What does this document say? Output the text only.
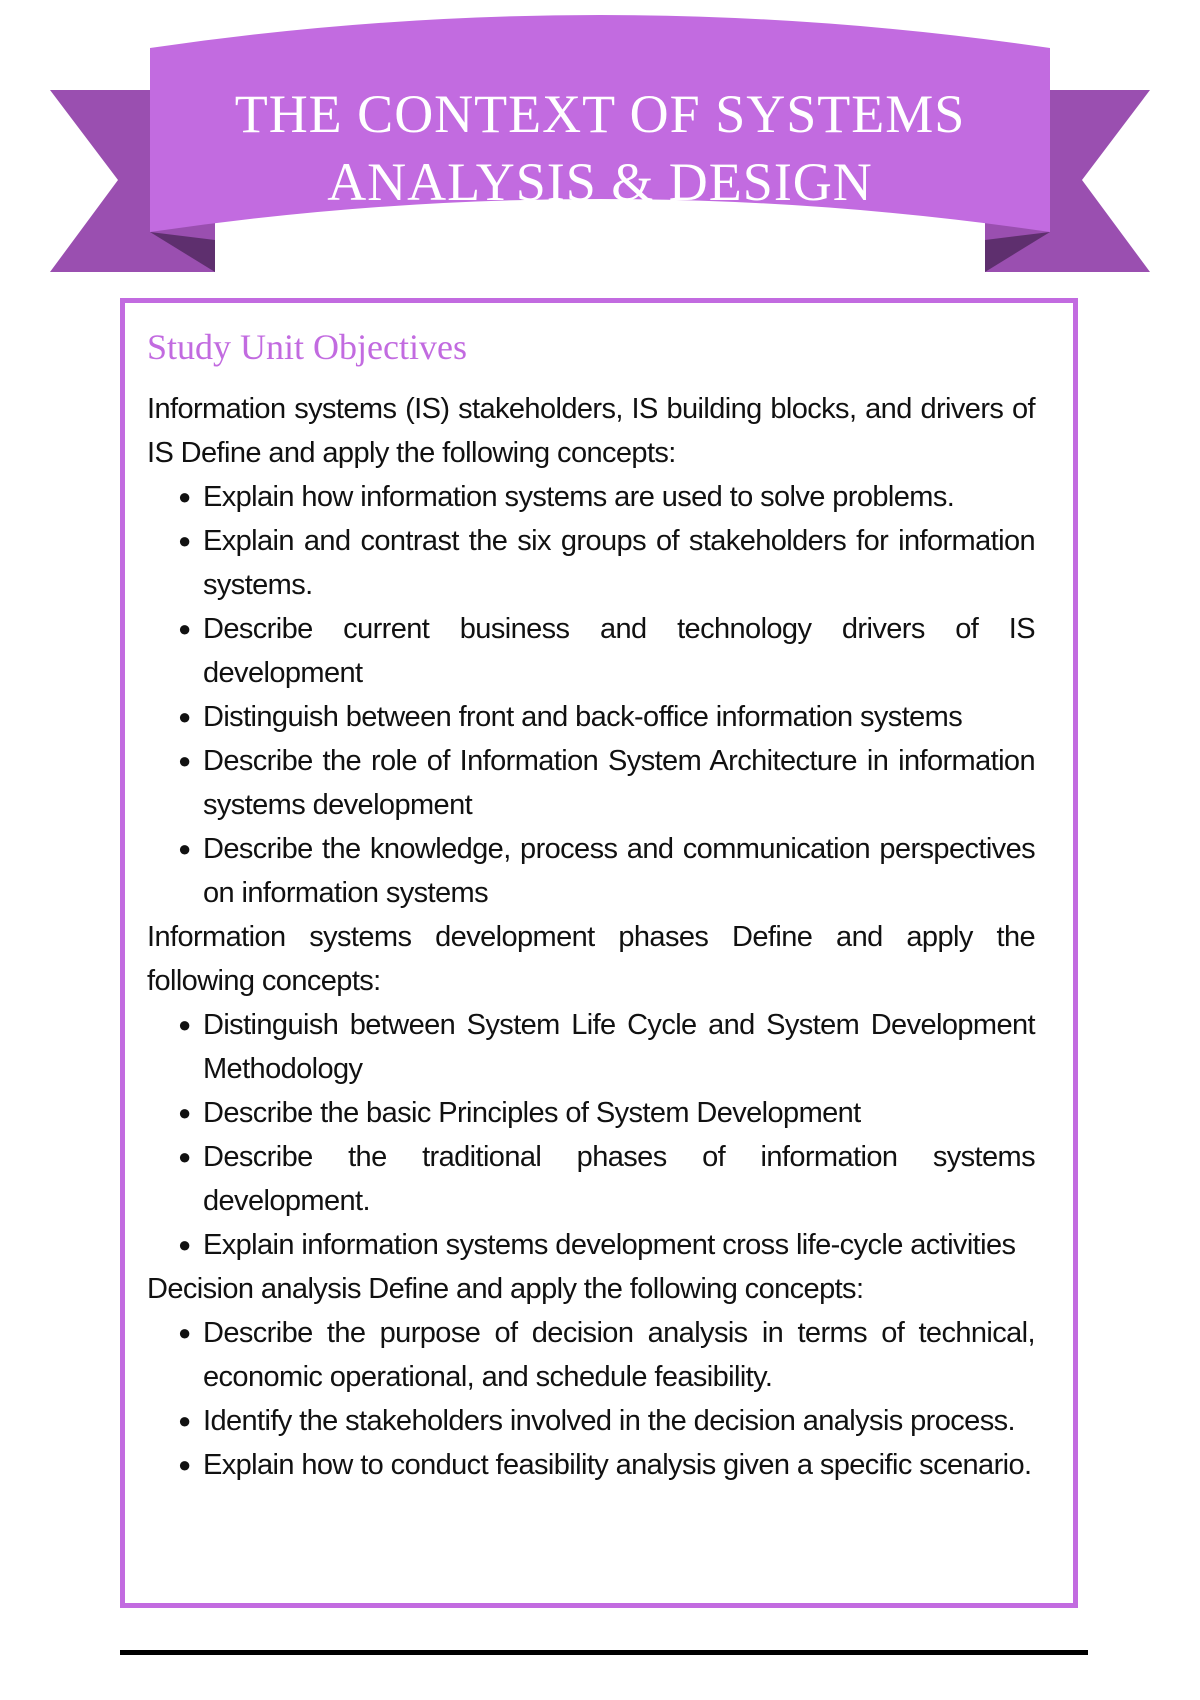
THE CONTEXT OF SYSTEMS
ANALYSIS & DESIGN
Study Unit Objectives

Information systems (IS) stakeholders, IS building blocks, and drivers of IS Define and apply the following concepts:

● Explain how information systems are used to solve problems.
● Explain and contrast the six groups of stakeholders for information systems.
● Describe current business and technology drivers of IS development
● Distinguish between front and back-office information systems
● Describe the role of Information System Architecture in information systems development
● Describe the knowledge, process and communication perspectives on information systems

Information systems development phases Define and apply the following concepts:

● Distinguish between System Life Cycle and System Development Methodology
● Describe the basic Principles of System Development
● Describe the traditional phases of information systems development.
● Explain information systems development cross life-cycle activities

Decision analysis Define and apply the following concepts:

● Describe the purpose of decision analysis in terms of technical, economic operational, and schedule feasibility.
● Identify the stakeholders involved in the decision analysis process.
● Explain how to conduct feasibility analysis given a specific scenario.
